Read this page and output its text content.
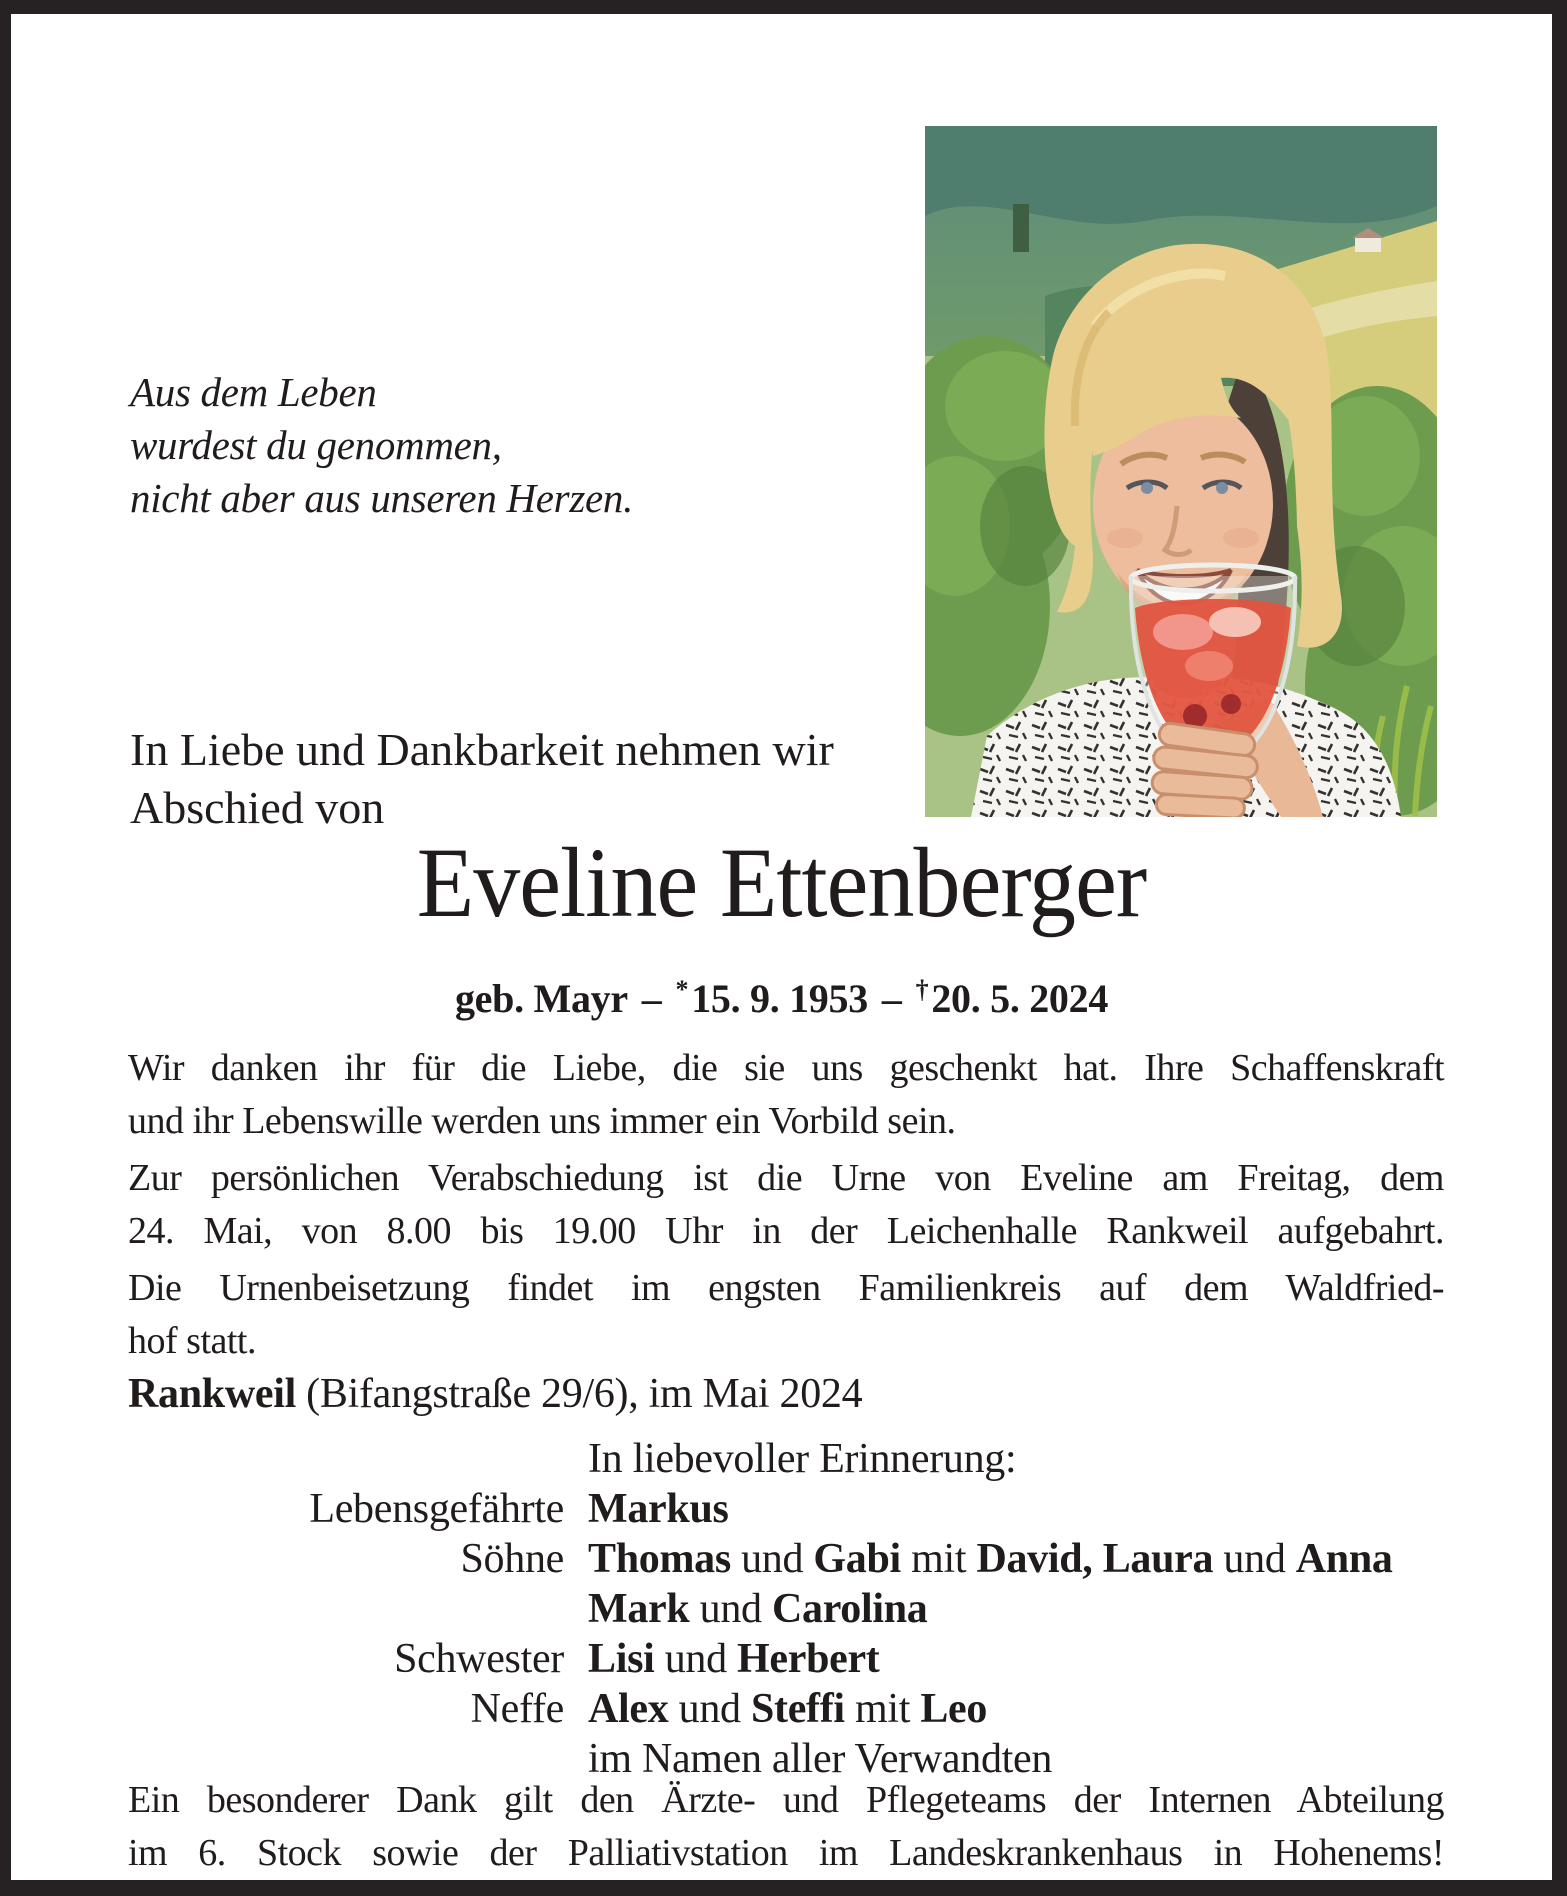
Aus dem Leben
wurdest du genommen,
nicht aber aus unseren Herzen.
In Liebe und Dankbarkeit nehmen wir
Abschied von
Eveline Ettenberger
geb. Mayr – *15. 9. 1953 – †20. 5. 2024
Wir danken ihr für die Liebe, die sie uns geschenkt hat. Ihre Schaffenskraft
und ihr Lebenswille werden uns immer ein Vorbild sein.
Zur persönlichen Verabschiedung ist die Urne von Eveline am Freitag, dem
24. Mai, von 8.00 bis 19.00 Uhr in der Leichenhalle Rankweil aufgebahrt.
Die Urnenbeisetzung findet im engsten Familienkreis auf dem Waldfried-
hof statt.
Rankweil (Bifangstraße 29/6), im Mai 2024
In liebevoller Erinnerung:
Lebensgefährte Markus
Söhne Thomas und Gabi mit David, Laura und Anna
Mark und Carolina
Schwester Lisi und Herbert
Neffe Alex und Steffi mit Leo
im Namen aller Verwandten
Ein besonderer Dank gilt den Ärzte- und Pflegeteams der Internen Abteilung
im 6. Stock sowie der Palliativstation im Landeskrankenhaus in Hohenems!
